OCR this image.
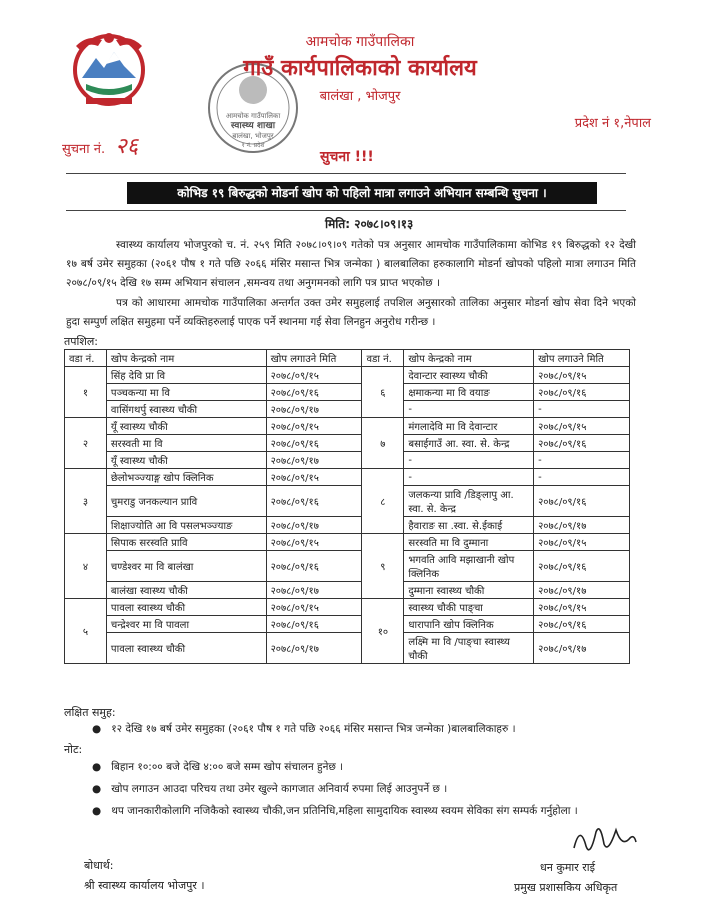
आमचोक गाउँपालिका
स्वास्थ्य शाखा
बालंखा, भोजपुर
१ नं. प्रदेश
आमचोक गाउँपालिका
गाउँ कार्यपालिकाको कार्यालय
बालंखा , भोजपुर
प्रदेश नं १,नेपाल
सुचना नं. २६	सुचना !!!
कोभिड १९ बिरुद्धको मोडर्ना खोप को पहिलो मात्रा लगाउने अभियान सम्बन्धि सुचना ।
मिति: २०७८।०९।१३
स्वास्थ्य कार्यालय भोजपुरको च. नं. २५९ मिति २०७८।०९।०९ गतेको पत्र अनुसार आमचोक गाउँपालिकामा कोभिड १९ बिरुद्धको १२ देखी १७ बर्ष उमेर समुहका (२०६१ पौष १ गते पछि २०६६ मंसिर मसान्त भित्र जन्मेका ) बालबालिका हरुकालागि मोडर्ना खोपको पहिलो मात्रा लगाउन मिति २०७८/०९/१५ देखि १७ सम्म अभियान संचालन ,समन्वय तथा अनुगमनको लागि पत्र प्राप्त भएकोछ ।
पत्र को आधारमा आमचोक गाउँपालिका अन्तर्गत उक्त उमेर समुहलाई तपशिल अनुसारको तालिका अनुसार मोडर्ना खोप सेवा दिने भएको हुदा सम्पुर्ण लक्षित समुहमा पर्ने व्यक्तिहरुलाई पाएक पर्ने स्थानमा गई सेवा लिनहुन अनुरोध गरीन्छ ।
तपशिल:
वडा नं.	खोप केन्द्रको नाम	खोप लगाउने मिति	वडा नं.	खोप केन्द्रको नाम	खोप लगाउने मिति
१	सिंह देवि प्रा वि	२०७८/०९/१५	६	देवान्टार स्वास्थ्य चौकी	२०७८/०९/१५
	पञ्चकन्या मा वि	२०७८/०९/१६		क्षमाकन्या मा वि वयाङ	२०७८/०९/१६
	वासिंगथर्पु स्वास्थ्य चौकी	२०७८/०९/१७		-	-
२	यूँ स्वास्थ्य चौकी	२०७८/०९/१५	७	मंगलादेवि मा वि देवान्टार	२०७८/०९/१५
	सरस्वती मा वि	२०७८/०९/१६		बसाईगाउँ आ. स्वा. से. केन्द्र	२०७८/०९/१६
	यूँ स्वास्थ्य चौकी	२०७८/०९/१७		-	-
३	छेलोभञ्ज्याङ्ग खोप क्लिनिक	२०७८/०९/१५	८	-	-
	चुमराडु जनकल्यान प्रावि	२०७८/०९/१६		जलकन्या प्रावि /डिङ्लापु आ. स्वा. से. केन्द्र	२०७८/०९/१६
	शिक्षाज्योति आ वि पसलभञ्ज्याङ	२०७८/०९/१७		हैवाराङ सा .स्वा. से.ईकाई	२०७८/०९/१७
४	सिपाक सरस्वति प्रावि	२०७८/०९/१५	९	सरस्वति मा वि दुम्माना	२०७८/०९/१५
	चण्डेश्वर मा वि बालंखा	२०७८/०९/१६		भगवति आवि मझाखानी खोप क्लिनिक	२०७८/०९/१६
	बालंखा स्वास्थ्य चौकी	२०७८/०९/१७		दुम्माना स्वास्थ्य चौकी	२०७८/०९/१७
५	पावला स्वास्थ्य चौकी	२०७८/०९/१५	१०	स्वास्थ्य चौकी पाङ्चा	२०७८/०९/१५
	चन्द्रेश्वर मा वि पावला	२०७८/०९/१६		धारापानि खोप क्लिनिक	२०७८/०९/१६
	पावला स्वास्थ्य चौकी	२०७८/०९/१७		लक्ष्मि मा वि /पाङ्चा स्वास्थ्य चौकी	२०७८/०९/१७
लक्षित समुह:
●   १२ देखि १७ बर्ष उमेर समुहका (२०६१ पौष १ गते पछि २०६६ मंसिर मसान्त भित्र जन्मेका )बालबालिकाहरु ।
नोट:
●   बिहान १०:०० बजे देखि ४:०० बजे सम्म खोप संचालन हुनेछ ।
●   खोप लगाउन आउदा परिचय तथा उमेर खुल्ने कागजात अनिवार्य रुपमा लिई आउनुपर्ने छ ।
●   थप जानकारीकोलागि नजिकैको स्वास्थ्य चौकी,जन प्रतिनिधि,महिला सामुदायिक स्वास्थ्य स्वयम सेविका संग सम्पर्क गर्नुहोला ।
बोधार्थ:
श्री स्वास्थ्य कार्यालय भोजपुर ।
धन कुमार राई
प्रमुख प्रशासकिय अधिकृत
